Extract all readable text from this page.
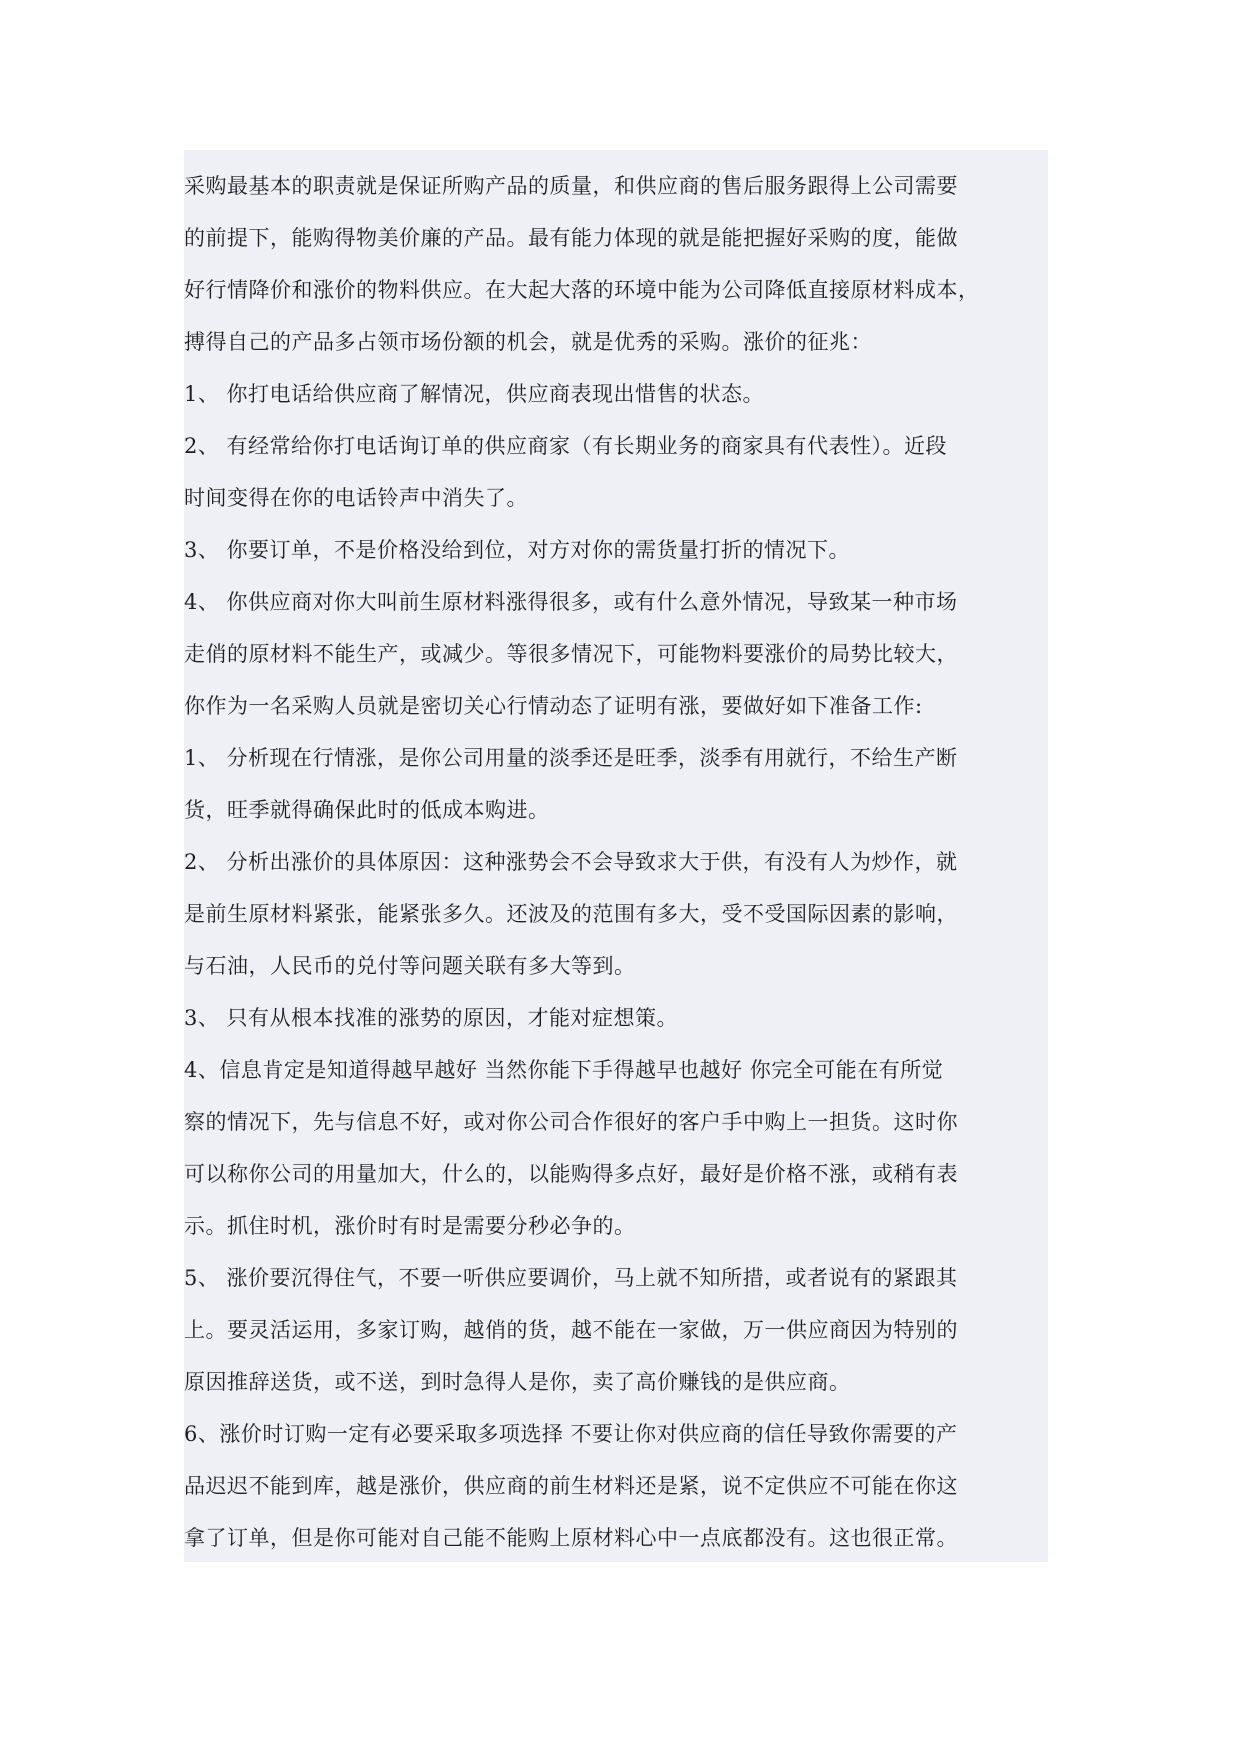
采购最基本的职责就是保证所购产品的质量，和供应商的售后服务跟得上公司需要
的前提下，能购得物美价廉的产品。最有能力体现的就是能把握好采购的度，能做
好行情降价和涨价的物料供应。在大起大落的环境中能为公司降低直接原材料成本，
搏得自己的产品多占领市场份额的机会，就是优秀的采购。涨价的征兆：
1、 你打电话给供应商了解情况，供应商表现出惜售的状态。
2、 有经常给你打电话询订单的供应商家（有长期业务的商家具有代表性）。近段
时间变得在你的电话铃声中消失了。
3、 你要订单，不是价格没给到位，对方对你的需货量打折的情况下。
4、 你供应商对你大叫前生原材料涨得很多，或有什么意外情况，导致某一种市场
走俏的原材料不能生产，或减少。等很多情况下，可能物料要涨价的局势比较大，
你作为一名采购人员就是密切关心行情动态了证明有涨，要做好如下准备工作:
1、 分析现在行情涨，是你公司用量的淡季还是旺季，淡季有用就行，不给生产断
货，旺季就得确保此时的低成本购进。
2、 分析出涨价的具体原因：这种涨势会不会导致求大于供，有没有人为炒作，就
是前生原材料紧张，能紧张多久。还波及的范围有多大，受不受国际因素的影响，
与石油，人民币的兑付等问题关联有多大等到。
3、 只有从根本找准的涨势的原因，才能对症想策。
4、信息肯定是知道得越早越好 当然你能下手得越早也越好 你完全可能在有所觉
察的情况下，先与信息不好，或对你公司合作很好的客户手中购上一担货。这时你
可以称你公司的用量加大，什么的，以能购得多点好，最好是价格不涨，或稍有表
示。抓住时机，涨价时有时是需要分秒必争的。
5、 涨价要沉得住气，不要一听供应要调价，马上就不知所措，或者说有的紧跟其
上。要灵活运用，多家订购，越俏的货，越不能在一家做，万一供应商因为特别的
原因推辞送货，或不送，到时急得人是你，卖了高价赚钱的是供应商。
6、涨价时订购一定有必要采取多项选择 不要让你对供应商的信任导致你需要的产
品迟迟不能到库，越是涨价，供应商的前生材料还是紧，说不定供应不可能在你这
拿了订单，但是你可能对自己能不能购上原材料心中一点底都没有。这也很正常。
